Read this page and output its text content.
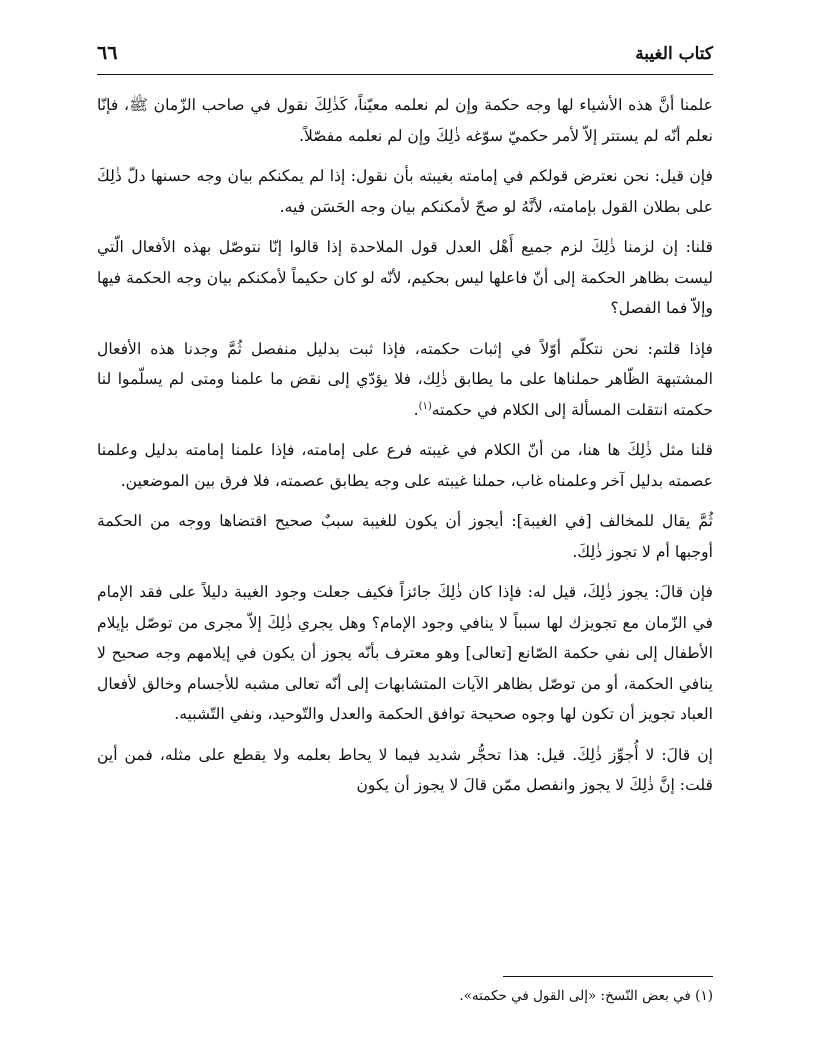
كتاب الغيبة
٦٦

علمنا أنَّ هذه الأشياء لها وجه حكمة وإن لم نعلمه معيّناً، كَذٰلِكَ نقول في صاحب الزّمان ﷺ، فإنّا نعلم أنّه لم يستتر إلاّ لأمر حكميّ سوّغه ذٰلِكَ وإن لم نعلمه مفصّلاً.

فإن قيل: نحن نعترض قولكم في إمامته بغيبته بأن نقول: إذا لم يمكنكم بيان وجه حسنها دلّ ذٰلِكَ على بطلان القول بإمامته، لأنَّهُ لو صحّ لأمكنكم بيان وجه الحَسَن فيه.

قلنا: إن لزمنا ذٰلِكَ لزم جميع أَهْل العدل قول الملاحدة إذا قالوا إنّا نتوصّل بهذه الأفعال الّتي ليست بظاهر الحكمة إلى أنّ فاعلها ليس بحكيم، لأنّه لو كان حكيماً لأمكنكم بيان وجه الحكمة فيها وإلاّ فما الفصل؟

فإذا قلتم: نحن نتكلّم أوّلاً في إثبات حكمته، فإذا ثبت بدليل منفصل ثُمَّ وجدنا هذه الأفعال المشتبهة الظّاهر حملناها على ما يطابق ذٰلِك، فلا يؤدّي إلى نقض ما علمنا ومتى لم يسلّموا لنا حكمته انتقلت المسألة إلى الكلام في حكمته$^{(١)}$.

قلنا مثل ذٰلِكَ ها هنا، من أنّ الكلام في غيبته فرع على إمامته، فإذا علمنا إمامته بدليل وعلمنا عصمته بدليل آخر وعلمناه غاب، حملنا غيبته على وجه يطابق عصمته، فلا فرق بين الموضعين.

ثُمَّ يقال للمخالف [في الغيبة]: أيجوز أن يكون للغيبة سببٌ صحيح اقتضاها ووجه من الحكمة أوجبها أم لا تجوز ذٰلِكَ.

فإن قالَ: يجوز ذٰلِكَ، قيل له: فإذا كان ذٰلِكَ جائزاً فكيف جعلت وجود الغيبة دليلاً على فقد الإمام في الزّمان مع تجويزك لها سبباً لا ينافي وجود الإمام؟ وهل يجري ذٰلِكَ إلاّ مجرى من توصّل بإيلام الأطفال إلى نفي حكمة الصّانع [تعالى] وهو معترف بأنّه يجوز أن يكون في إيلامهم وجه صحيح لا ينافي الحكمة، أو من توصّل بظاهر الآيات المتشابهات إلى أنّه تعالى مشبه للأجسام وخالق لأفعال العباد تجويز أن تكون لها وجوه صحيحة توافق الحكمة والعدل والتّوحيد، ونفي التّشبيه.

إن قالَ: لا أُجوِّز ذٰلِكَ. قيل: هذا تحجُّر شديد فيما لا يحاط بعلمه ولا يقطع على مثله، فمن أين قلت: إنَّ ذٰلِكَ لا يجوز وانفصل ممّن قالَ لا يجوز أن يكون

(١) في بعض النّسخ: «إلى القول في حكمته».
